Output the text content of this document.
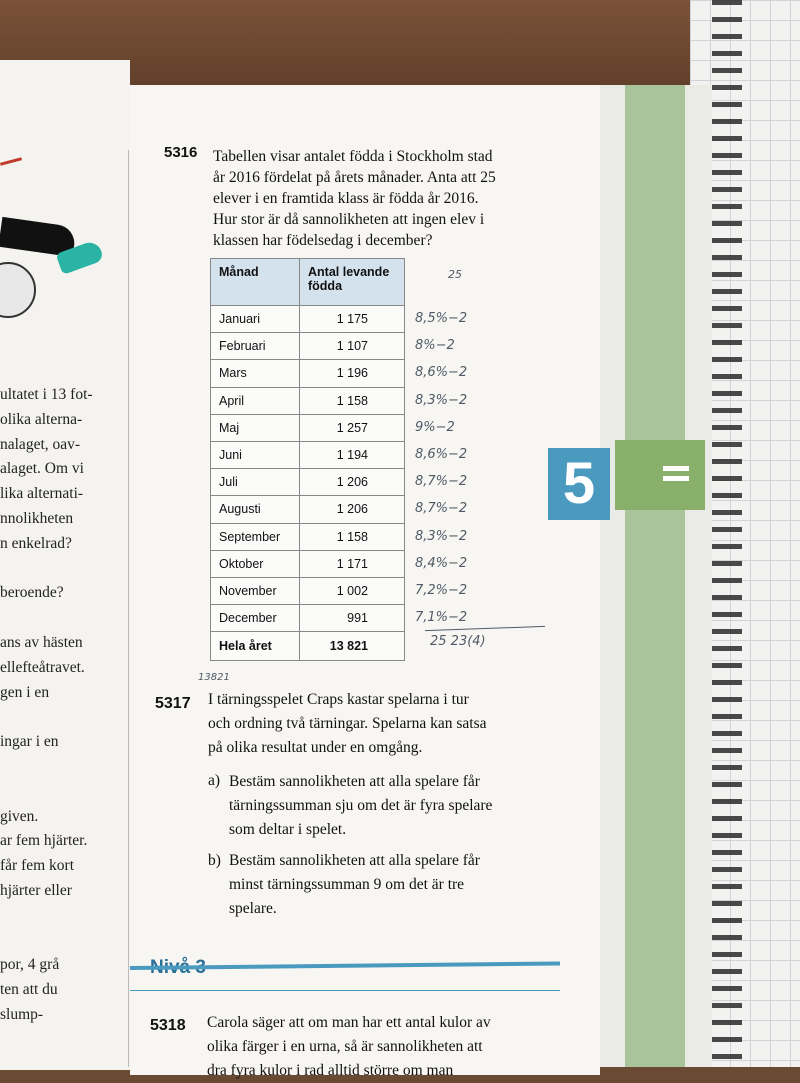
ultatet i 13 fot-
olika alterna-
nalaget, oav-
alaget. Om vi
lika alternati-
nnolikheten
n enkelrad?
beroende?
ans av hästen
ellefteåtravet.
gen i en
ingar i en
given.
ar fem hjärter.
får fem kort
hjärter eller
por, 4 grå
ten att du
slump-
5
5316 Tabellen visar antalet födda i Stockholm stad
år 2016 fördelat på årets månader. Anta att 25
elever i en framtida klass är födda år 2016.
Hur stor är då sannolikheten att ingen elev i
klassen har födelsedag i december?
Månad	Antal levande födda
Januari	1 175
Februari	1 107
Mars	1 196
April	1 158
Maj	1 257
Juni	1 194
Juli	1 206
Augusti	1 206
September	1 158
Oktober	1 171
November	1 002
December	991
Hela året	13 821
25
8,5%−2
8%−2
8,6%−2
8,3%−2
9%−2
8,6%−2
8,7%−2
8,7%−2
8,3%−2
8,4%−2
7,2%−2
7,1%−2
25 23(4)
13821
5317 I tärningsspelet Craps kastar spelarna i tur
och ordning två tärningar. Spelarna kan satsa
på olika resultat under en omgång.
a) Bestäm sannolikheten att alla spelare får
tärningssumman sju om det är fyra spelare
som deltar i spelet.
b) Bestäm sannolikheten att alla spelare får
minst tärningssumman 9 om det är tre
spelare.
5318 Carola säger att om man har ett antal kulor av
olika färger i en urna, så är sannolikheten att
dra fyra kulor i rad alltid större om man
